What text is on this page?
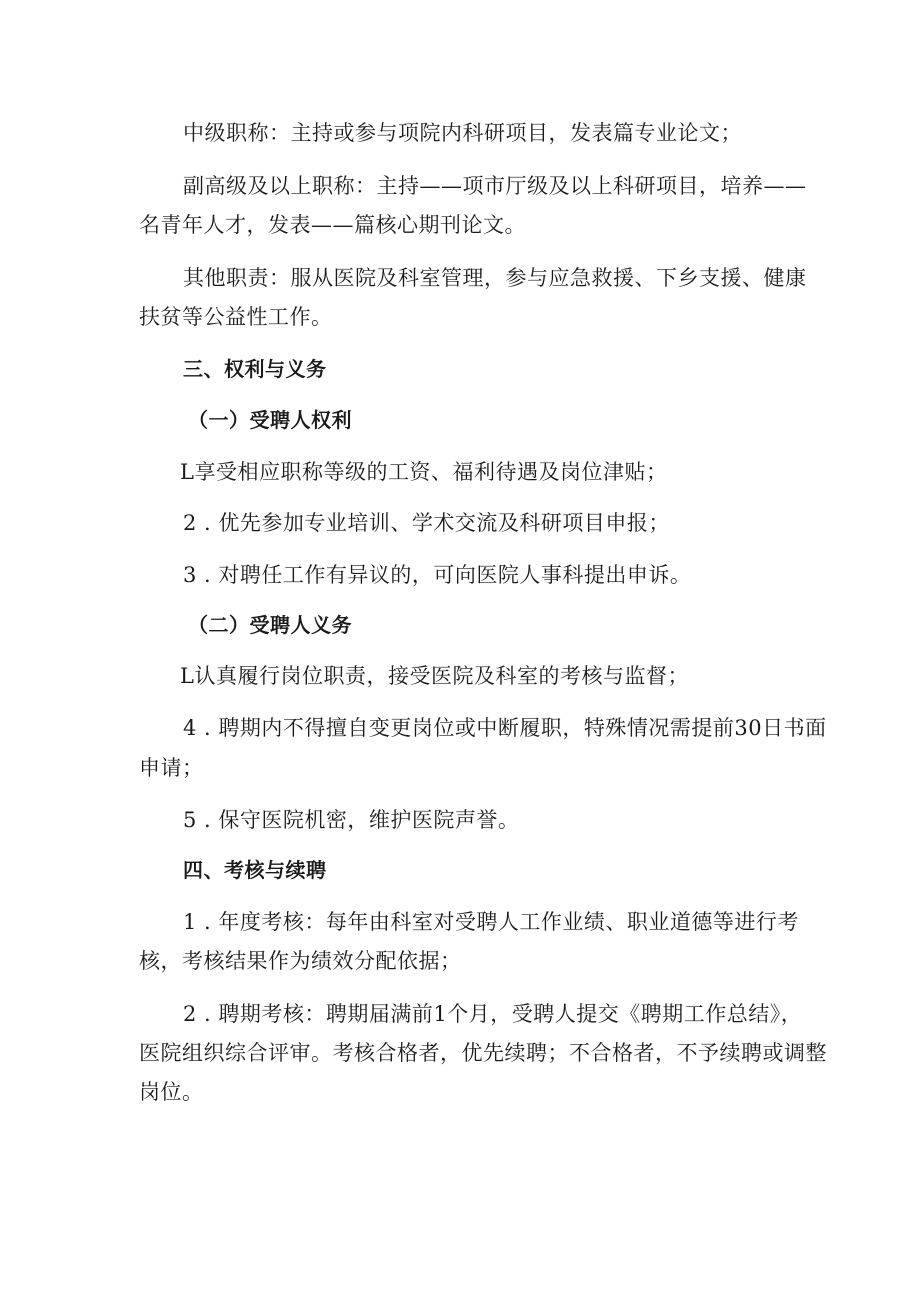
中级职称：主持或参与项院内科研项目，发表篇专业论文；
副高级及以上职称：主持——项市厅级及以上科研项目，培养——
名青年人才，发表——篇核心期刊论文。
其他职责：服从医院及科室管理，参与应急救援、下乡支援、健康
扶贫等公益性工作。
三、权利与义务
（一）受聘人权利
L享受相应职称等级的工资、福利待遇及岗位津贴；
2 . 优先参加专业培训、学术交流及科研项目申报；
3 . 对聘任工作有异议的，可向医院人事科提出申诉。
（二）受聘人义务
L认真履行岗位职责，接受医院及科室的考核与监督；
4 . 聘期内不得擅自变更岗位或中断履职，特殊情况需提前30日书面
申请；
5 . 保守医院机密，维护医院声誉。
四、考核与续聘
1 . 年度考核：每年由科室对受聘人工作业绩、职业道德等进行考
核，考核结果作为绩效分配依据；
2 . 聘期考核：聘期届满前1个月，受聘人提交《聘期工作总结》，
医院组织综合评审。考核合格者，优先续聘；不合格者，不予续聘或调整
岗位。
